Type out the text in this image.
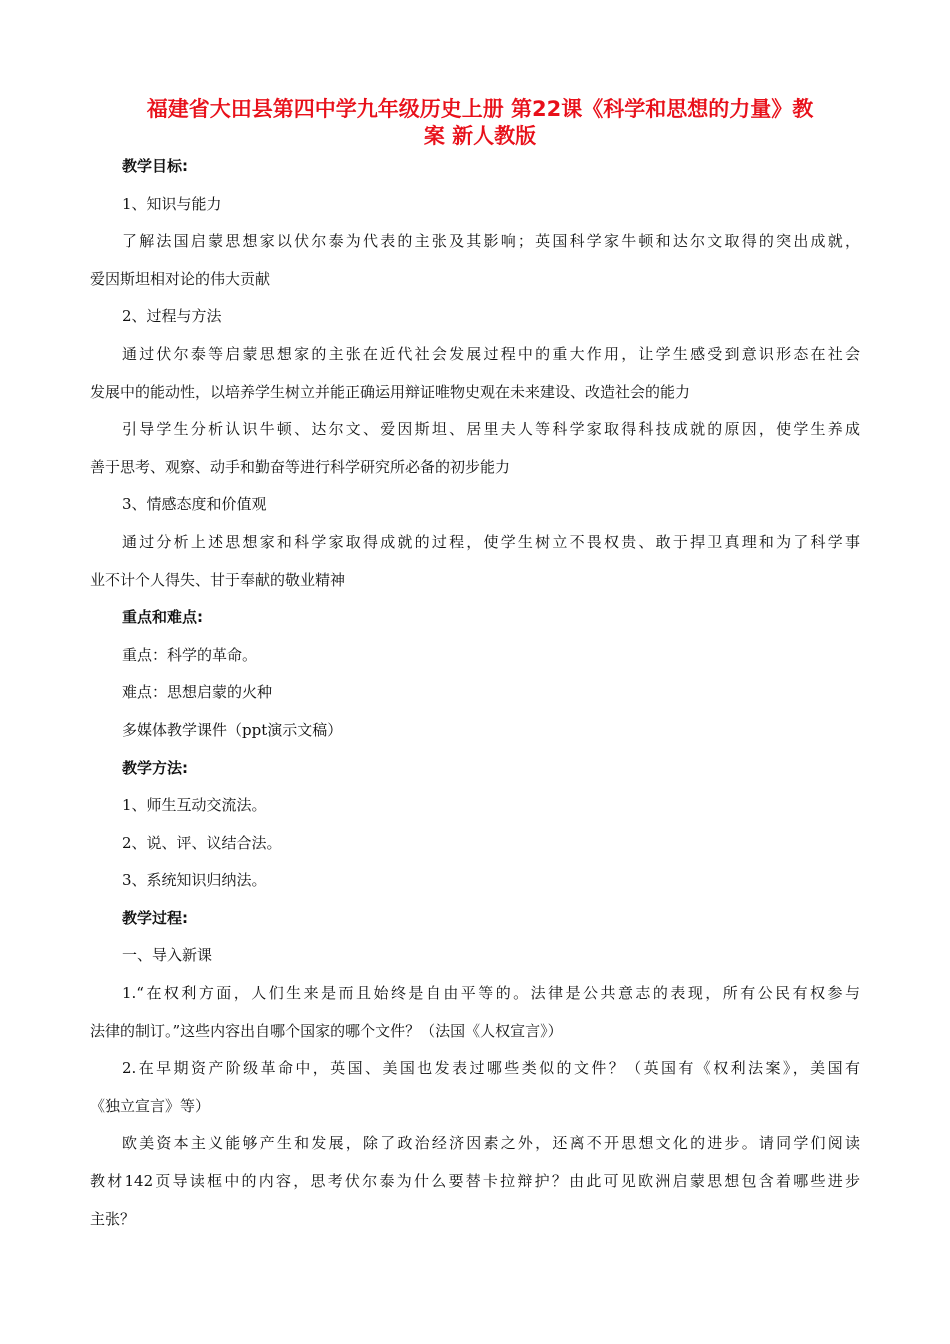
福建省大田县第四中学九年级历史上册 第22课《科学和思想的力量》教
案 新人教版
教学目标:
1、知识与能力
了解法国启蒙思想家以伏尔泰为代表的主张及其影响；英国科学家牛顿和达尔文取得的突出成就，
爱因斯坦相对论的伟大贡献
2、过程与方法
通过伏尔泰等启蒙思想家的主张在近代社会发展过程中的重大作用，让学生感受到意识形态在社会
发展中的能动性，以培养学生树立并能正确运用辩证唯物史观在未来建设、改造社会的能力
引导学生分析认识牛顿、达尔文、爱因斯坦、居里夫人等科学家取得科技成就的原因，使学生养成
善于思考、观察、动手和勤奋等进行科学研究所必备的初步能力
3、情感态度和价值观
通过分析上述思想家和科学家取得成就的过程，使学生树立不畏权贵、敢于捍卫真理和为了科学事
业不计个人得失、甘于奉献的敬业精神
重点和难点:
重点：科学的革命。
难点：思想启蒙的火种
多媒体教学课件（ppt演示文稿）
教学方法:
1、师生互动交流法。
2、说、评、议结合法。
3、系统知识归纳法。
教学过程:
一、导入新课
1.“在权利方面，人们生来是而且始终是自由平等的。法律是公共意志的表现，所有公民有权参与
法律的制订。”这些内容出自哪个国家的哪个文件？（法国《人权宣言》）
2.在早期资产阶级革命中，英国、美国也发表过哪些类似的文件？（英国有《权利法案》，美国有
《独立宣言》等）
欧美资本主义能够产生和发展，除了政治经济因素之外，还离不开思想文化的进步。请同学们阅读
教材142页导读框中的内容，思考伏尔泰为什么要替卡拉辩护？由此可见欧洲启蒙思想包含着哪些进步
主张？
